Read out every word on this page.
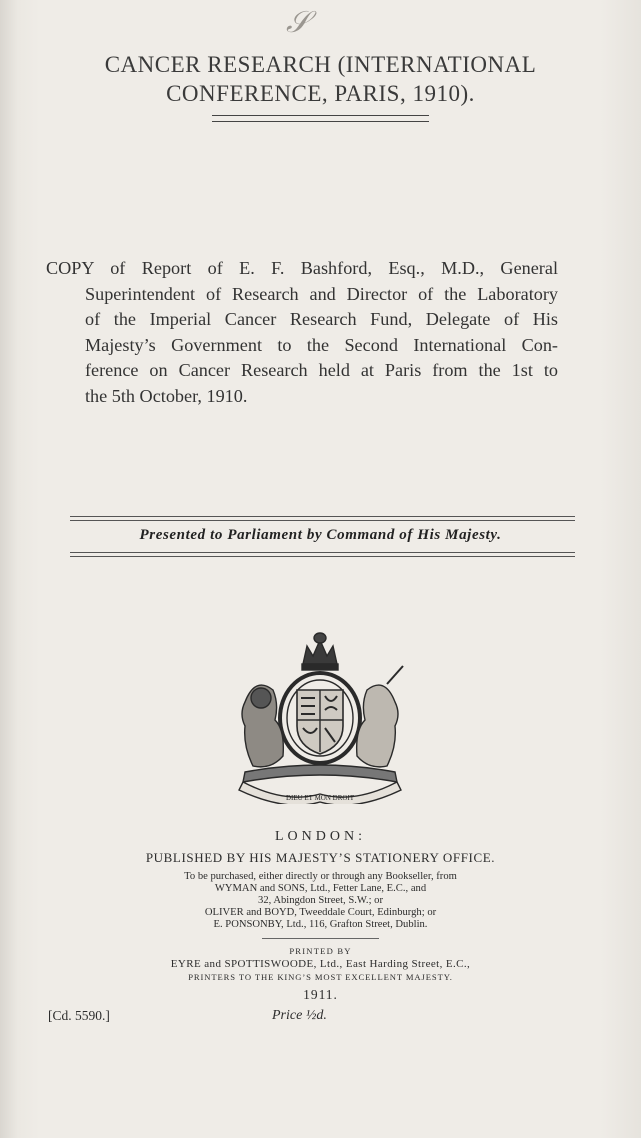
𝒮
CANCER RESEARCH (INTERNATIONAL
CONFERENCE, PARIS, 1910).
COPY of Report of E. F. Bashford, Esq., M.D., General
Superintendent of Research and Director of the Laboratory
of the Imperial Cancer Research Fund, Delegate of His
Majesty’s Government to the Second International Con-
ference on Cancer Research held at Paris from the 1st to
the 5th October, 1910.
Presented to Parliament by Command of His Majesty.
DIEU ET MON DROIT
LONDON:
PUBLISHED BY HIS MAJESTY’S STATIONERY OFFICE.
To be purchased, either directly or through any Bookseller, from
WYMAN and SONS, Ltd., Fetter Lane, E.C., and
32, Abingdon Street, S.W.; or
OLIVER and BOYD, Tweeddale Court, Edinburgh; or
E. PONSONBY, Ltd., 116, Grafton Street, Dublin.
PRINTED BY
EYRE and SPOTTISWOODE, Ltd., East Harding Street, E.C.,
PRINTERS TO THE KING’S MOST EXCELLENT MAJESTY.
1911.
[Cd. 5590.]	Price ½d.
